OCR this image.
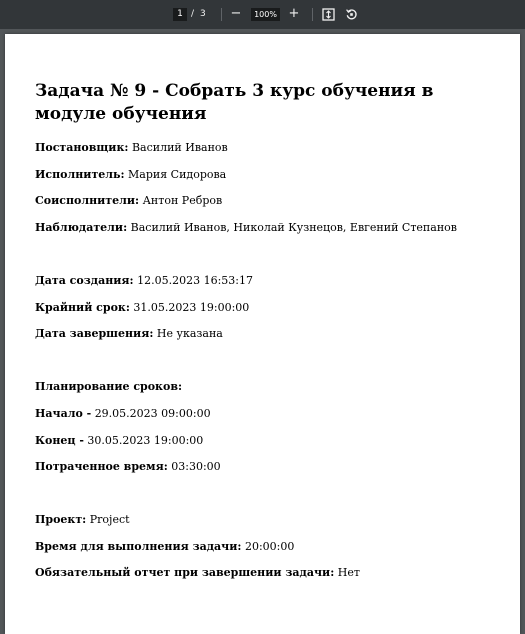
1
/ 3 −
100%	+
Задача № 9 - Собрать 3 курс обучения в модуле обучения
Постановщик: Василий Иванов
Исполнитель: Мария Сидорова
Соисполнители: Антон Ребров
Наблюдатели: Василий Иванов, Николай Кузнецов, Евгений Степанов
Дата создания: 12.05.2023 16:53:17
Крайний срок: 31.05.2023 19:00:00
Дата завершения: Не указана
Планирование сроков:
Начало - 29.05.2023 09:00:00
Конец - 30.05.2023 19:00:00
Потраченное время: 03:30:00
Проект: Project
Время для выполнения задачи: 20:00:00
Обязательный отчет при завершении задачи: Нет
